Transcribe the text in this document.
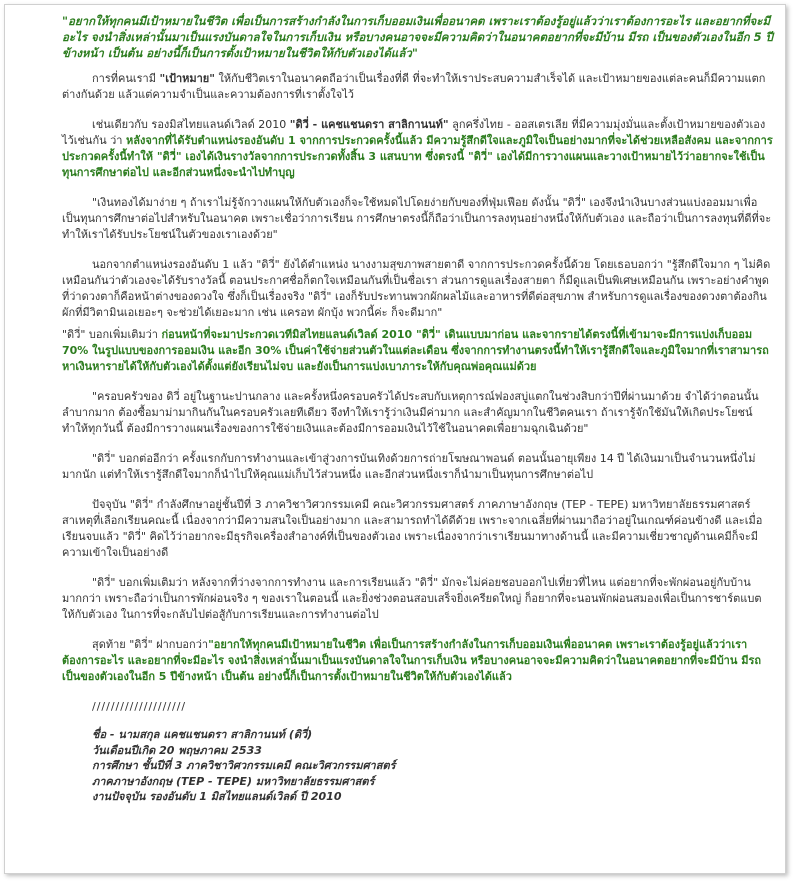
"อยากให้ทุกคนมีเป้าหมายในชีวิต เพื่อเป็นการสร้างกำลังในการเก็บออมเงินเพื่ออนาคต เพราะเราต้องรู้อยู่แล้วว่าเราต้องการอะไร และอยากที่จะมีอะไร จงนำสิ่งเหล่านั้นมาเป็นแรงบันดาลใจในการเก็บเงิน หรือบางคนอาจจะมีความคิดว่าในอนาคตอยากที่จะมีบ้าน มีรถ เป็นของตัวเองในอีก 5 ปีข้างหน้า เป็นต้น อย่างนี้ก็เป็นการตั้งเป้าหมายในชีวิตให้กับตัวเองได้แล้ว"

การที่คนเรามี "เป้าหมาย" ให้กับชีวิตเราในอนาคตถือว่าเป็นเรื่องที่ดี ที่จะทำให้เราประสบความสำเร็จได้ และเป้าหมายของแต่ละคนก็มีความแตกต่างกันด้วย แล้วแต่ความจำเป็นและความต้องการที่เราตั้งใจไว้

เช่นเดียวกับ รองมิสไทยแลนด์เวิลด์ 2010 "ดิวี่ - แคชแชนดรา สาลิกานนท์" ลูกครึ่งไทย - ออสเตรเลีย ที่มีความมุ่งมั่นและตั้งเป้าหมายของตัวเองไว้เช่นกัน ว่า หลังจากที่ได้รับตำแหน่งรองอันดับ 1 จากการประกวดครั้งนี้แล้ว มีความรู้สึกดีใจและภูมิใจเป็นอย่างมากที่จะได้ช่วยเหลือสังคม และจากการประกวดครั้งนี้ทำให้ "ดิวี่" เองได้เงินรางวัลจากการประกวดทั้งสิ้น 3 แสนบาท ซึ่งตรงนี้ "ดิวี่" เองได้มีการวางแผนและวางเป้าหมายไว้ว่าอยากจะใช้เป็นทุนการศึกษาต่อไป และอีกส่วนหนึ่งจะนำไปทำบุญ

"เงินทองได้มาง่าย ๆ ถ้าเราไม่รู้จักวางแผนให้กับตัวเองก็จะใช้หมดไปโดยง่ายกับของที่ฟุ่มเฟือย ดังนั้น "ดิวี่" เองจึงนำเงินบางส่วนแบ่งออมมาเพื่อเป็นทุนการศึกษาต่อไปสำหรับในอนาคต เพราะเชื่อว่าการเรียน การศึกษาตรงนี้ก็ถือว่าเป็นการลงทุนอย่างหนึ่งให้กับตัวเอง และถือว่าเป็นการลงทุนที่ดีที่จะทำให้เราได้รับประโยชน์ในตัวของเราเองด้วย"

นอกจากตำแหน่งรองอันดับ 1 แล้ว "ดิวี่" ยังได้ตำแหน่ง นางงามสุขภาพสายตาดี จากการประกวดครั้งนี้ด้วย โดยเธอบอกว่า "รู้สึกดีใจมาก ๆ ไม่คิดเหมือนกันว่าตัวเองจะได้รับรางวัลนี้ ตอนประกาศชื่อก็ตกใจเหมือนกันที่เป็นชื่อเรา ส่วนการดูแลเรื่องสายตา ก็มีดูแลเป็นพิเศษเหมือนกัน เพราะอย่างคำพูดที่ว่าดวงตาก็คือหน้าต่างของดวงใจ ซึ่งก็เป็นเรื่องจริง "ดิวี่" เองก็รับประทานพวกผักผลไม้และอาหารที่ดีต่อสุขภาพ สำหรับการดูแลเรื่องของดวงตาต้องกินผักที่มีวิตามินเอเยอะๆ จะช่วยได้เยอะมาก เช่น แครอท ผักบุ้ง พวกนี้ค่ะ ก็จะดีมาก"

"ดิวี่" บอกเพิ่มเติมว่า ก่อนหน้าที่จะมาประกวดเวทีมิสไทยแลนด์เวิลด์ 2010 "ดิวี่" เดินแบบมาก่อน และจากรายได้ตรงนี้ที่เข้ามาจะมีการแบ่งเก็บออม 70% ในรูปแบบของการออมเงิน และอีก 30% เป็นค่าใช้จ่ายส่วนตัวในแต่ละเดือน ซึ่งจากการทำงานตรงนี้ทำให้เรารู้สึกดีใจและภูมิใจมากที่เราสามารถหาเงินหารายได้ให้กับตัวเองได้ตั้งแต่ยังเรียนไม่จบ และยังเป็นการแบ่งเบาภาระให้กับคุณพ่อคุณแม่ด้วย

"ครอบครัวของ ดิวี่ อยู่ในฐานะปานกลาง และครั้งหนึ่งครอบครัวได้ประสบกับเหตุการณ์ฟองสบู่แตกในช่วงสิบกว่าปีที่ผ่านมาด้วย จำได้ว่าตอนนั้นลำบากมาก ต้องซื้อมาม่ามากินกันในครอบครัวเลยทีเดียว จึงทำให้เรารู้ว่าเงินมีค่ามาก และสำคัญมากในชีวิตคนเรา ถ้าเรารู้จักใช้มันให้เกิดประโยชน์ ทำให้ทุกวันนี้ ต้องมีการวางแผนเรื่องของการใช้จ่ายเงินและต้องมีการออมเงินไว้ใช้ในอนาคตเพื่อยามฉุกเฉินด้วย"

"ดิวี่" บอกต่ออีกว่า ครั้งแรกกับการทำงานและเข้าสู่วงการบันเทิงด้วยการถ่ายโฆษณาพอนด์ ตอนนั้นอายุเพียง 14 ปี ได้เงินมาเป็นจำนวนหนึ่งไม่มากนัก แต่ทำให้เรารู้สึกดีใจมากก็นำไปให้คุณแม่เก็บไว้ส่วนหนึ่ง และอีกส่วนหนึ่งเราก็นำมาเป็นทุนการศึกษาต่อไป

ปัจจุบัน "ดิวี่" กำลังศึกษาอยู่ชั้นปีที่ 3 ภาควิชาวิศวกรรมเคมี คณะวิศวกรรมศาสตร์ ภาคภาษาอังกฤษ (TEP - TEPE) มหาวิทยาลัยธรรมศาสตร์ สาเหตุที่เลือกเรียนคณะนี้ เนื่องจากว่ามีความสนใจเป็นอย่างมาก และสามารถทำได้ดีด้วย เพราะจากเฉลี่ยที่ผ่านมาถือว่าอยู่ในเกณฑ์ค่อนข้างดี และเมื่อเรียนจบแล้ว "ดิวี่" คิดไว้ว่าอยากจะมีธุรกิจเครื่องสำอางค์ที่เป็นของตัวเอง เพราะเนื่องจากว่าเราเรียนมาทางด้านนี้ และมีความเชี่ยวชาญด้านเคมีก็จะมีความเข้าใจเป็นอย่างดี

"ดิวี่" บอกเพิ่มเติมว่า หลังจากที่ว่างจากการทำงาน และการเรียนแล้ว "ดิวี่" มักจะไม่ค่อยชอบออกไปเที่ยวที่ไหน แต่อยากที่จะพักผ่อนอยู่กับบ้านมากกว่า เพราะถือว่าเป็นการพักผ่อนจริง ๆ ของเราในตอนนี้ และยิ่งช่วงตอนสอบเสร็จยิ่งเครียดใหญ่ ก็อยากที่จะนอนพักผ่อนสมองเพื่อเป็นการชาร์ตแบตให้กับตัวเอง ในการที่จะกลับไปต่อสู้กับการเรียนและการทำงานต่อไป

สุดท้าย "ดิวี่" ฝากบอกว่า"อยากให้ทุกคนมีเป้าหมายในชีวิต เพื่อเป็นการสร้างกำลังในการเก็บออมเงินเพื่ออนาคต เพราะเราต้องรู้อยู่แล้วว่าเราต้องการอะไร และอยากที่จะมีอะไร จงนำสิ่งเหล่านั้นมาเป็นแรงบันดาลใจในการเก็บเงิน หรือบางคนอาจจะมีความคิดว่าในอนาคตอยากที่จะมีบ้าน มีรถ เป็นของตัวเองในอีก 5 ปีข้างหน้า เป็นต้น อย่างนี้ก็เป็นการตั้งเป้าหมายในชีวิตให้กับตัวเองได้แล้ว

////////////////////
ชื่อ - นามสกุล แคชแชนดรา สาลิกานนท์ (ดิวี่)
วันเดือนปีเกิด 20 พฤษภาคม 2533
การศึกษา ชั้นปีที่ 3 ภาควิชาวิศวกรรมเคมี คณะวิศวกรรมศาสตร์
ภาคภาษาอังกฤษ (TEP - TEPE) มหาวิทยาลัยธรรมศาสตร์
งานปัจจุบัน รองอันดับ 1 มิสไทยแลนด์เวิลด์ ปี 2010
